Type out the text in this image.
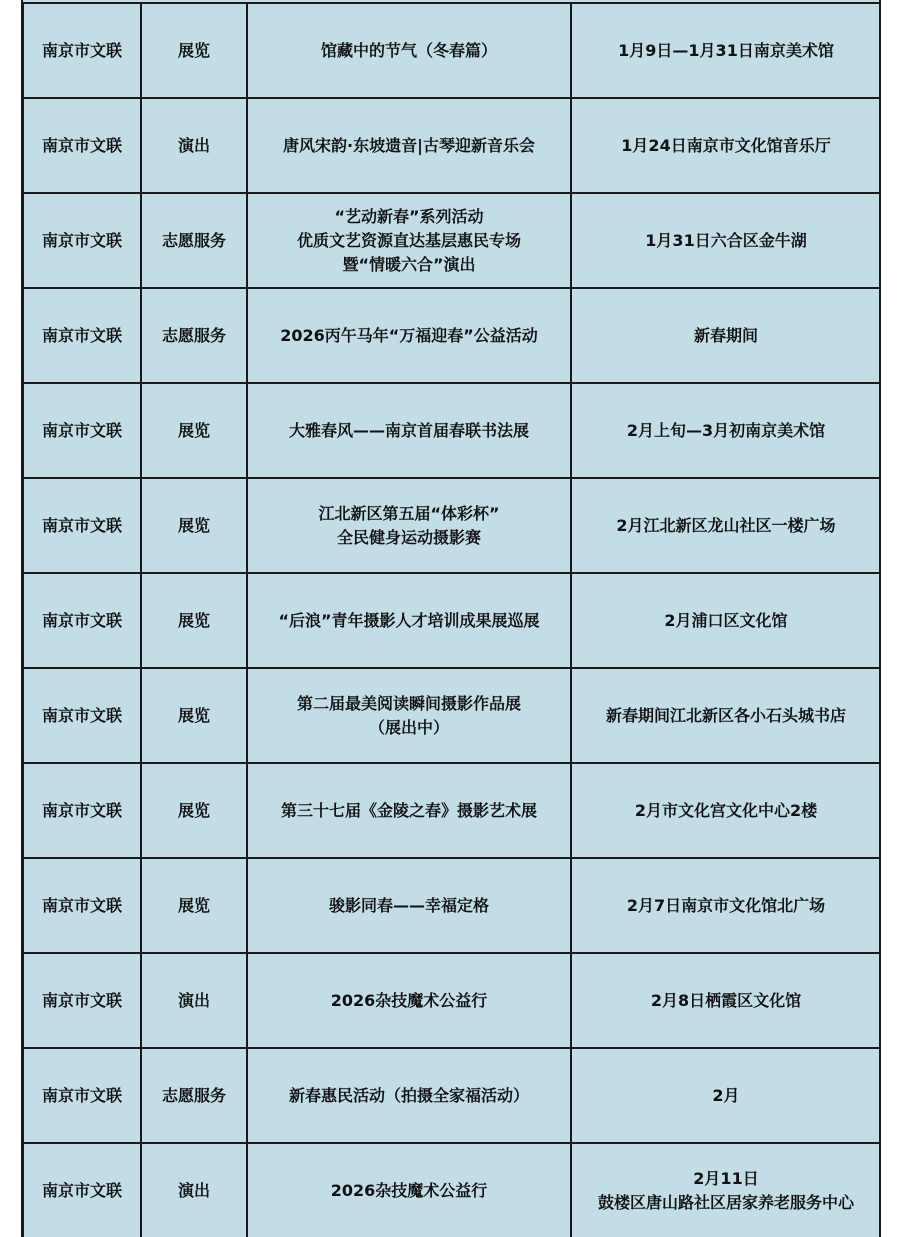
南京市文联	展览	馆藏中的节气（冬春篇）	1月9日—1月31日南京美术馆
南京市文联	演出	唐风宋韵·东坡遗音|古琴迎新音乐会	1月24日南京市文化馆音乐厅
南京市文联	志愿服务	“艺动新春”系列活动
优质文艺资源直达基层惠民专场
暨“情暖六合”演出	1月31日六合区金牛湖
南京市文联	志愿服务	2026丙午马年“万福迎春”公益活动	新春期间
南京市文联	展览	大雅春风——南京首届春联书法展	2月上旬—3月初南京美术馆
南京市文联	展览	江北新区第五届“体彩杯”
全民健身运动摄影赛	2月江北新区龙山社区一楼广场
南京市文联	展览	“后浪”青年摄影人才培训成果展巡展	2月浦口区文化馆
南京市文联	展览	第二届最美阅读瞬间摄影作品展
（展出中）	新春期间江北新区各小石头城书店
南京市文联	展览	第三十七届《金陵之春》摄影艺术展	2月市文化宫文化中心2楼
南京市文联	展览	骏影同春——幸福定格	2月7日南京市文化馆北广场
南京市文联	演出	2026杂技魔术公益行	2月8日栖霞区文化馆
南京市文联	志愿服务	新春惠民活动（拍摄全家福活动）	2月
南京市文联	演出	2026杂技魔术公益行	2月11日
鼓楼区唐山路社区居家养老服务中心
